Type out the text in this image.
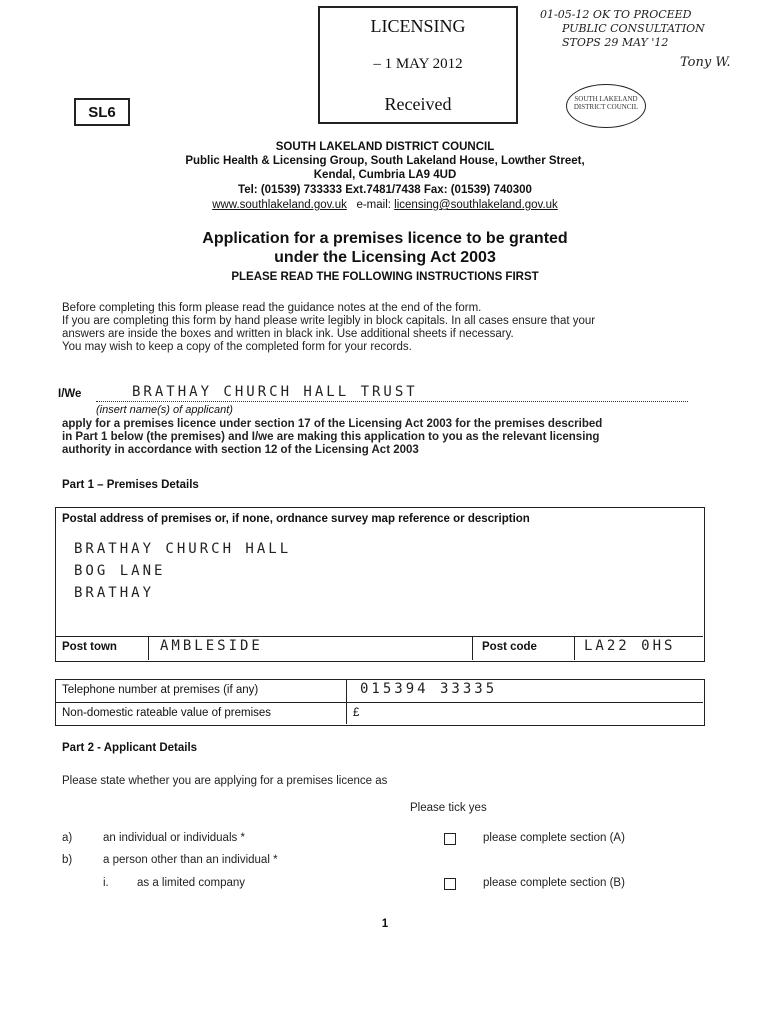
LICENSING
– 1 MAY 2012
Received
01-05-12 OK TO PROCEED
PUBLIC CONSULTATION
STOPS 29 MAY '12
Tony W.
SL6
SOUTH LAKELAND DISTRICT COUNCIL
SOUTH LAKELAND DISTRICT COUNCIL
Public Health & Licensing Group, South Lakeland House, Lowther Street,
Kendal, Cumbria LA9 4UD
Tel: (01539) 733333 Ext.7481/7438 Fax: (01539) 740300
www.southlakeland.gov.uk e-mail: licensing@southlakeland.gov.uk
Application for a premises licence to be granted
under the Licensing Act 2003
PLEASE READ THE FOLLOWING INSTRUCTIONS FIRST
Before completing this form please read the guidance notes at the end of the form.
If you are completing this form by hand please write legibly in block capitals. In all cases ensure that your
answers are inside the boxes and written in black ink. Use additional sheets if necessary.
You may wish to keep a copy of the completed form for your records.
I/We	BRATHAY CHURCH HALL TRUST
(insert name(s) of applicant)
apply for a premises licence under section 17 of the Licensing Act 2003 for the premises described
in Part 1 below (the premises) and I/we are making this application to you as the relevant licensing
authority in accordance with section 12 of the Licensing Act 2003
Part 1 – Premises Details
Postal address of premises or, if none, ordnance survey map reference or description
BRATHAY CHURCH HALL
BOG LANE
BRATHAY
Post town	AMBLESIDE	Post code	LA22 0HS
Telephone number at premises (if any)	015394 33335
Non-domestic rateable value of premises	£
Part 2 - Applicant Details
Please state whether you are applying for a premises licence as
Please tick yes
a)	an individual or individuals *	please complete section (A)
b)	a person other than an individual *
i. as a limited company	please complete section (B)
1
